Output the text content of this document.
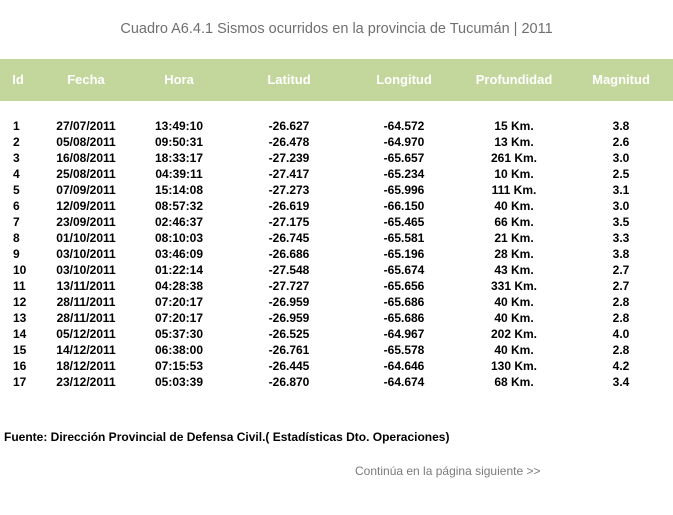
Cuadro A6.4.1 Sismos ocurridos en la provincia de Tucumán | 2011
Id	Fecha	Hora	Latitud	Longitud	Profundidad	Magnitud
1	27/07/2011	13:49:10	-26.627	-64.572	15 Km.	3.8
2	05/08/2011	09:50:31	-26.478	-64.970	13 Km.	2.6
3	16/08/2011	18:33:17	-27.239	-65.657	261 Km.	3.0
4	25/08/2011	04:39:11	-27.417	-65.234	10 Km.	2.5
5	07/09/2011	15:14:08	-27.273	-65.996	111 Km.	3.1
6	12/09/2011	08:57:32	-26.619	-66.150	40 Km.	3.0
7	23/09/2011	02:46:37	-27.175	-65.465	66 Km.	3.5
8	01/10/2011	08:10:03	-26.745	-65.581	21 Km.	3.3
9	03/10/2011	03:46:09	-26.686	-65.196	28 Km.	3.8
10 03/10/2011	01:22:14	-27.548	-65.674	43 Km.	2.7
11	13/11/2011	04:28:38	-27.727	-65.656	331 Km.	2.7
12	28/11/2011	07:20:17	-26.959	-65.686	40 Km.	2.8
13	28/11/2011	07:20:17	-26.959	-65.686	40 Km.	2.8
14 05/12/2011	05:37:30	-26.525	-64.967	202 Km.	4.0
15 14/12/2011	06:38:00	-26.761	-65.578	40 Km.	2.8
16 18/12/2011	07:15:53	-26.445	-64.646	130 Km.	4.2
17 23/12/2011	05:03:39	-26.870	-64.674	68 Km.	3.4
Fuente: Dirección Provincial de Defensa Civil.( Estadísticas Dto. Operaciones)
Continúa en la página siguiente >>
